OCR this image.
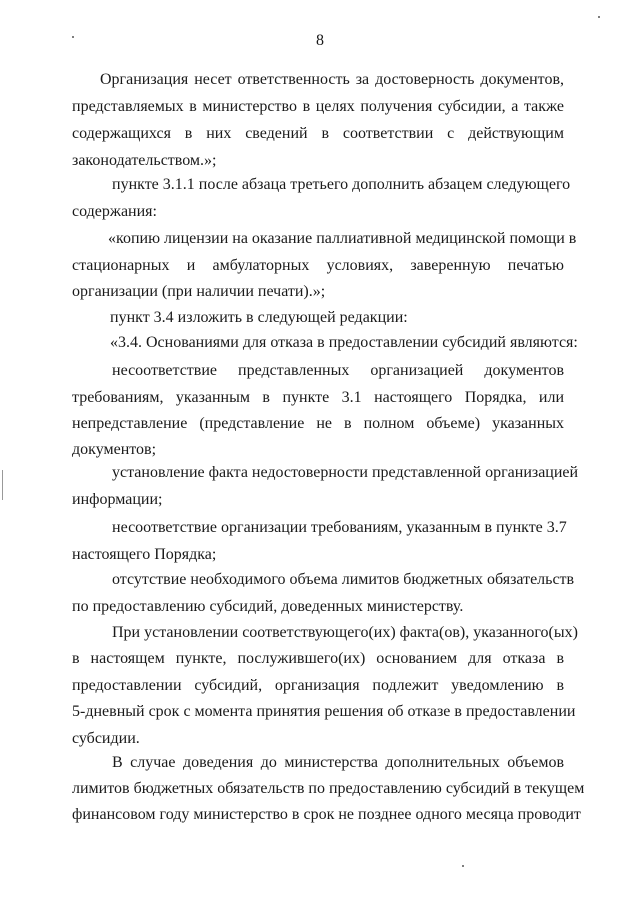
8
Организация несет ответственность за достоверность документов,
представляемых в министерство в целях получения субсидии, а также
содержащихся в них сведений в соответствии с действующим
законодательством.»;
пункте 3.1.1 после абзаца третьего дополнить абзацем следующего
содержания:
«копию лицензии на оказание паллиативной медицинской помощи в
стационарных и амбулаторных условиях, заверенную печатью
организации (при наличии печати).»;
пункт 3.4 изложить в следующей редакции:
«3.4. Основаниями для отказа в предоставлении субсидий являются:
несоответствие представленных организацией документов
требованиям, указанным в пункте 3.1 настоящего Порядка, или
непредставление (представление не в полном объеме) указанных
документов;
установление факта недостоверности представленной организацией
информации;
несоответствие организации требованиям, указанным в пункте 3.7
настоящего Порядка;
отсутствие необходимого объема лимитов бюджетных обязательств
по предоставлению субсидий, доведенных министерству.
При установлении соответствующего(их) факта(ов), указанного(ых)
в настоящем пункте, послужившего(их) основанием для отказа в
предоставлении субсидий, организация подлежит уведомлению в
5-дневный срок с момента принятия решения об отказе в предоставлении
субсидии.
В случае доведения до министерства дополнительных объемов
лимитов бюджетных обязательств по предоставлению субсидий в текущем
финансовом году министерство в срок не позднее одного месяца проводит
